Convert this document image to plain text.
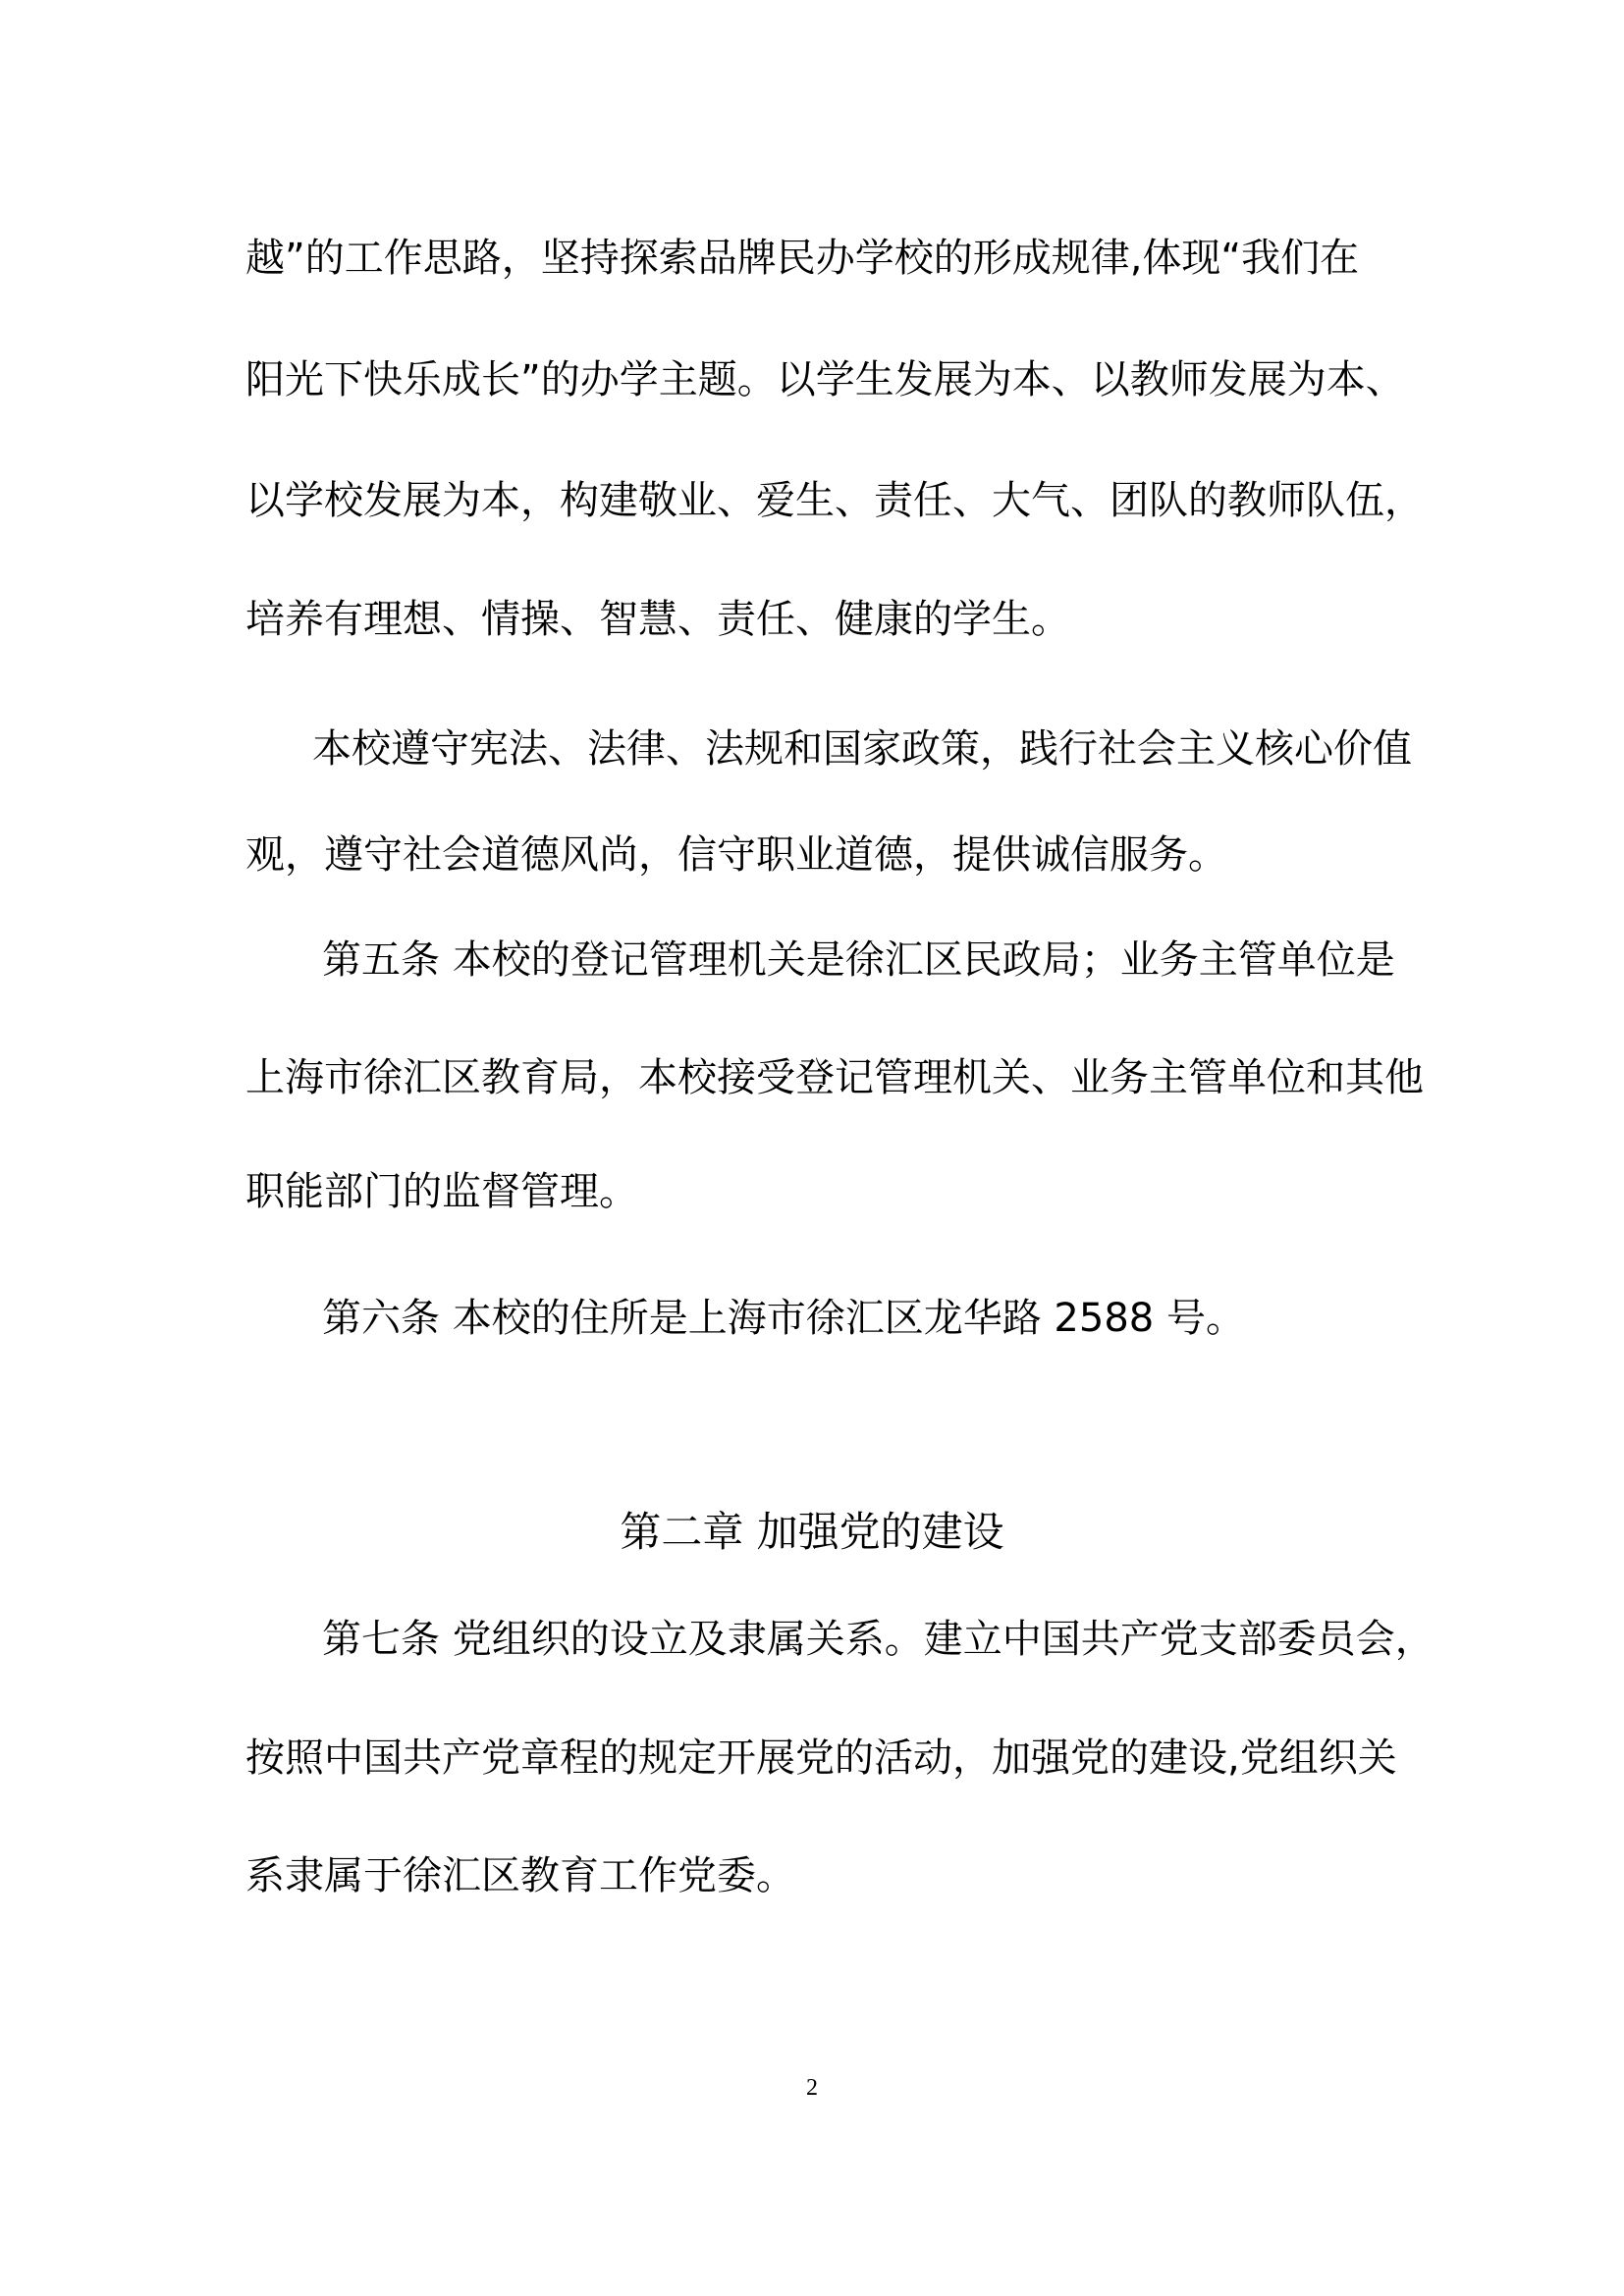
越”的工作思路，坚持探索品牌民办学校的形成规律,体现“我们在
阳光下快乐成长”的办学主题。以学生发展为本、以教师发展为本、
以学校发展为本，构建敬业、爱生、责任、大气、团队的教师队伍，
培养有理想、情操、智慧、责任、健康的学生。
本校遵守宪法、法律、法规和国家政策，践行社会主义核心价值
观，遵守社会道德风尚，信守职业道德，提供诚信服务。
第五条 本校的登记管理机关是徐汇区民政局；业务主管单位是
上海市徐汇区教育局，本校接受登记管理机关、业务主管单位和其他
职能部门的监督管理。
第六条 本校的住所是上海市徐汇区龙华路 2588 号。
第二章 加强党的建设
第七条 党组织的设立及隶属关系。建立中国共产党支部委员会，
按照中国共产党章程的规定开展党的活动，加强党的建设,党组织关
系隶属于徐汇区教育工作党委。
2
